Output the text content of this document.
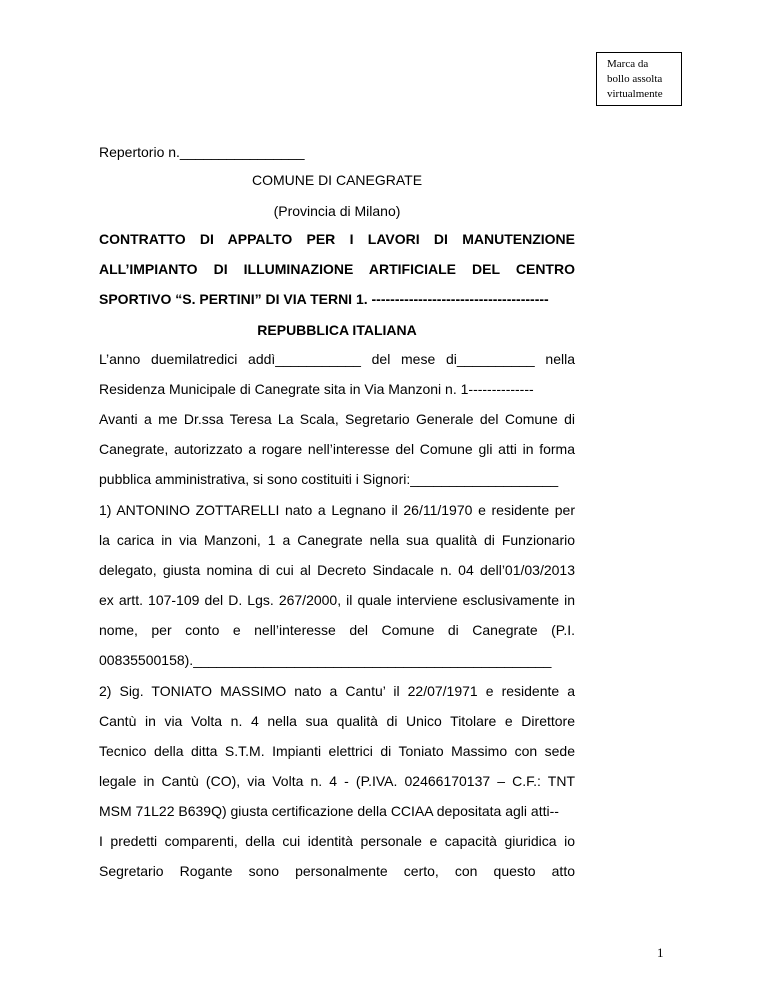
Marca da
bollo assolta
virtualmente
Repertorio n.________________
COMUNE DI CANEGRATE
(Provincia di Milano)
CONTRATTO DI APPALTO PER I LAVORI DI MANUTENZIONE
ALL’IMPIANTO DI ILLUMINAZIONE ARTIFICIALE DEL CENTRO
SPORTIVO “S. PERTINI” DI VIA TERNI 1. --------------------------------------
REPUBBLICA ITALIANA
L’anno duemilatredici addì___________ del mese di__________ nella
Residenza Municipale di Canegrate sita in Via Manzoni n. 1--------------
Avanti a me Dr.ssa Teresa La Scala, Segretario Generale del Comune di
Canegrate, autorizzato a rogare nell’interesse del Comune gli atti in forma
pubblica amministrativa, si sono costituiti i Signori:___________________
1) ANTONINO ZOTTARELLI nato a Legnano il 26/11/1970 e residente per
la carica in via Manzoni, 1 a Canegrate nella sua qualità di Funzionario
delegato, giusta nomina di cui al Decreto Sindacale n. 04 dell’01/03/2013
ex artt. 107-109 del D. Lgs. 267/2000, il quale interviene esclusivamente in
nome, per conto e nell’interesse del Comune di Canegrate (P.I.
00835500158).______________________________________________
2) Sig. TONIATO MASSIMO nato a Cantu’ il 22/07/1971 e residente a
Cantù in via Volta n. 4 nella sua qualità di Unico Titolare e Direttore
Tecnico della ditta S.T.M. Impianti elettrici di Toniato Massimo con sede
legale in Cantù (CO), via Volta n. 4 - (P.IVA. 02466170137 – C.F.: TNT
MSM 71L22 B639Q) giusta certificazione della CCIAA depositata agli atti--
I predetti comparenti, della cui identità personale e capacità giuridica io
Segretario Rogante sono personalmente certo, con questo atto
1
